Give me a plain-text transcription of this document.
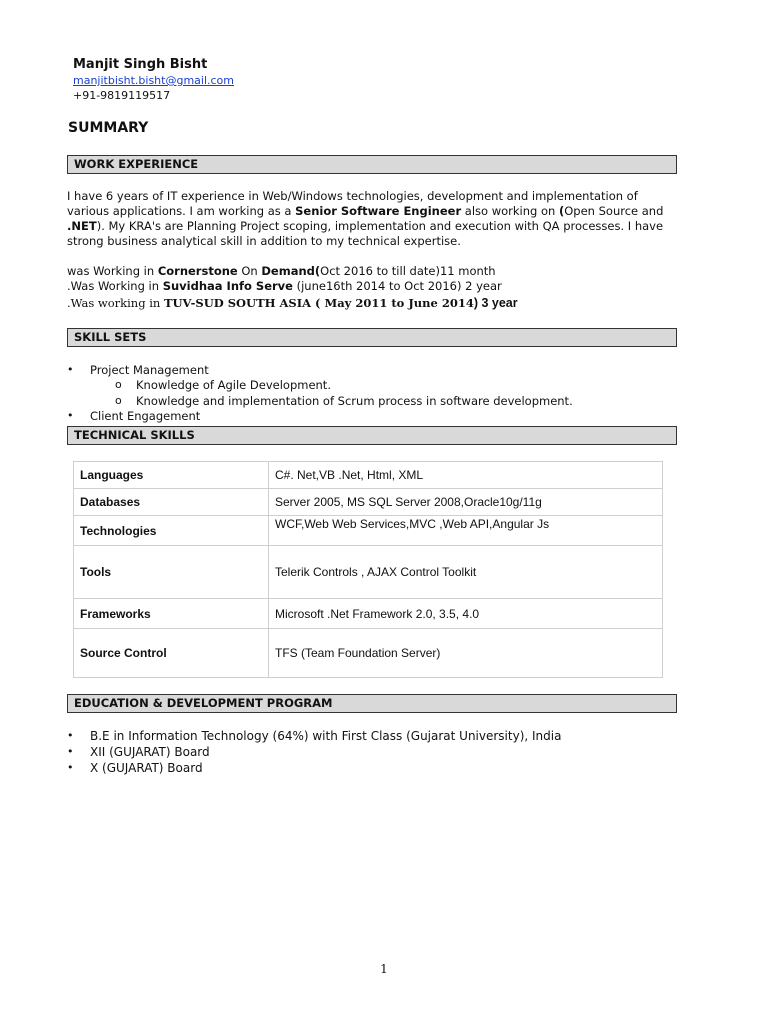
Manjit Singh Bisht
manjitbisht.bisht@gmail.com
+91-9819119517
SUMMARY
WORK EXPERIENCE
I have 6 years of IT experience in Web/Windows technologies, development and implementation of various applications. I am working as a Senior Software Engineer also working on (Open Source and .NET). My KRA's are Planning Project scoping, implementation and execution with QA processes. I have strong business analytical skill in addition to my technical expertise.
was Working in Cornerstone On Demand(Oct 2016 to till date)11 month
.Was Working in Suvidhaa Info Serve (june16th 2014 to Oct 2016) 2 year
.Was working in TUV-SUD SOUTH ASIA ( May 2011 to June 2014) 3 year
SKILL SETS
• Project Management
o Knowledge of Agile Development.
o Knowledge and implementation of Scrum process in software development.
• Client Engagement
TECHNICAL SKILLS
Languages	C#. Net,VB .Net, Html, XML
Databases	Server 2005, MS SQL Server 2008,Oracle10g/11g
Technologies	WCF,Web Web Services,MVC ,Web API,Angular Js
Tools	Telerik Controls , AJAX Control Toolkit
Frameworks	Microsoft .Net Framework 2.0, 3.5, 4.0
Source Control	TFS (Team Foundation Server)
EDUCATION & DEVELOPMENT PROGRAM
• B.E in Information Technology (64%) with First Class (Gujarat University), India
• XII (GUJARAT) Board
• X (GUJARAT) Board
1
